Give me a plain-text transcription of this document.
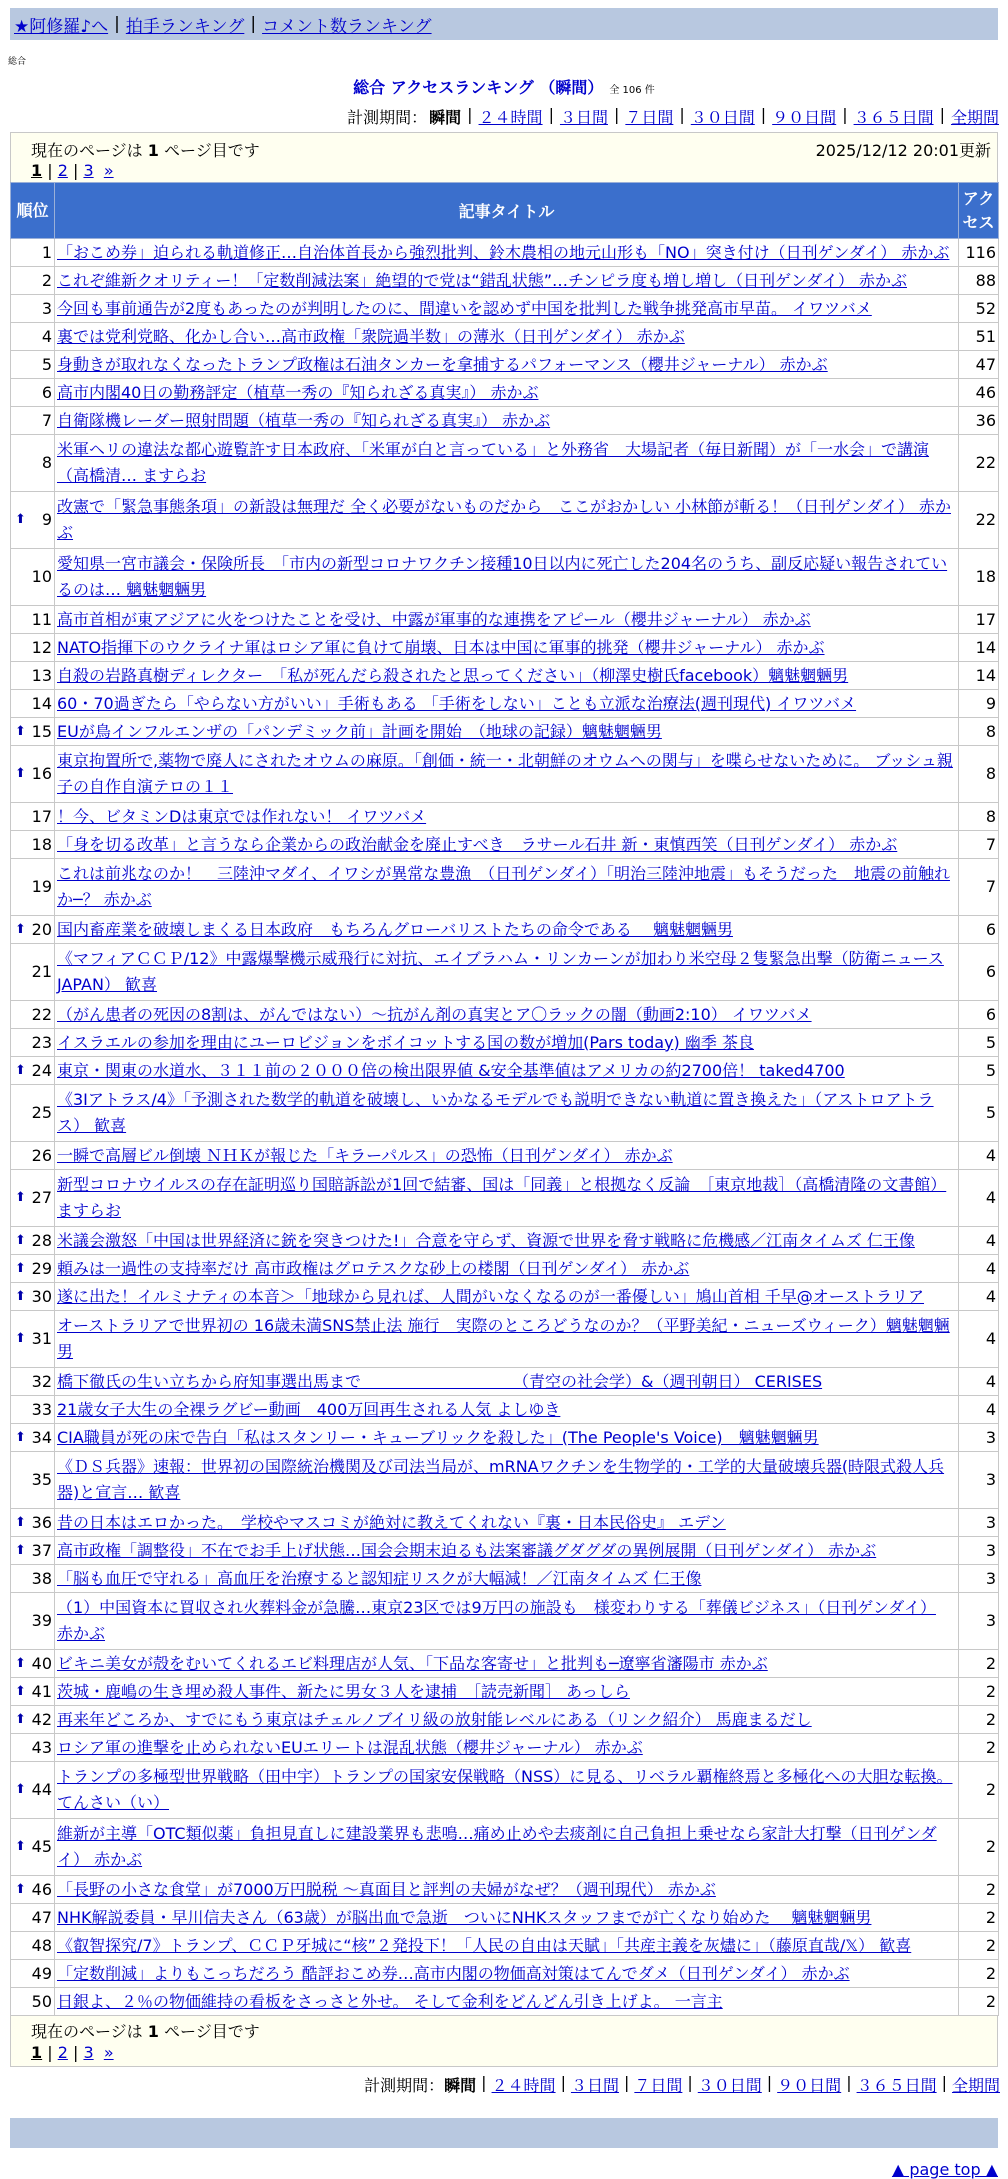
★阿修羅♪へ | 拍手ランキング | コメント数ランキング
総合
総合 アクセスランキング （瞬間） 全 106 件
計測期間： 瞬間 | ２４時間 | ３日間 | ７日間 | ３０日間 | ９０日間 | ３６５日間 | 全期間
現在のページは 1 ページ目です	2025/12/12 20:01更新
1 | 2 | 3 »
順位	記事タイトル	アクセス
1	「おこめ券」迫られる軌道修正…自治体首長から強烈批判、鈴木農相の地元山形も「NO」突き付け（日刊ゲンダイ） 赤かぶ	116
2	これぞ維新クオリティー！「定数削減法案」絶望的で党は“錯乱状態”…チンピラ度も増し増し（日刊ゲンダイ） 赤かぶ	88
3	今回も事前通告が2度もあったのが判明したのに、間違いを認めず中国を批判した戦争挑発高市早苗。 イワツバメ	52
4	裏では党利党略、化かし合い…高市政権「衆院過半数」の薄氷（日刊ゲンダイ） 赤かぶ	51
5	身動きが取れなくなったトランプ政権は石油タンカーを拿捕するパフォーマンス（櫻井ジャーナル） 赤かぶ	47
6	高市内閣40日の勤務評定（植草一秀の『知られざる真実』） 赤かぶ	46
7	自衛隊機レーダー照射問題（植草一秀の『知られざる真実』） 赤かぶ	36
8	米軍ヘリの違法な都心遊覧許す日本政府、「米軍が白と言っている」と外務省　大場記者（毎日新聞）が「一水会」で講演（高橋清… ますらお	22

⬆ 9	改憲で「緊急事態条項」の新設は無理だ 全く必要がないものだから　ここがおかしい 小林節が斬る！（日刊ゲンダイ） 赤かぶ	22
10	愛知県一宮市議会・保険所長　「市内の新型コロナワクチン接種10日以内に死亡した204名のうち、副反応疑い報告されているのは… 魑魅魍魎男	18
11	高市首相が東アジアに火をつけたことを受け、中露が軍事的な連携をアピール（櫻井ジャーナル） 赤かぶ	17
12	NATO指揮下のウクライナ軍はロシア軍に負けて崩壊、日本は中国に軍事的挑発（櫻井ジャーナル） 赤かぶ	14
13	自殺の岩路真樹ディレクター　「私が死んだら殺されたと思ってください」（柳澤史樹氏facebook）魑魅魍魎男	14
14	60・70過ぎたら「やらない方がいい」手術もある 「手術をしない」ことも立派な治療法(週刊現代) イワツバメ	9

⬆ 15	EUが鳥インフルエンザの「パンデミック前」計画を開始　（地球の記録）魑魅魍魎男	8

⬆ 16	東京拘置所で,薬物で廃人にされたオウムの麻原。「創価・統一・北朝鮮のオウムへの関与」を喋らせないために。 ブッシュ親子の自作自演テロの１１	8
17	！今、ビタミンDは東京では作れない！ イワツバメ	8
18	「身を切る改革」と言うなら企業からの政治献金を廃止すべき　ラサール石井 新・東慎西笑（日刊ゲンダイ） 赤かぶ	7
19	これは前兆なのか！　三陸沖マダイ、イワシが異常な豊漁　（日刊ゲンダイ）「明治三陸沖地震」もそうだった　地震の前触れか─？ 赤かぶ	7

⬆ 20	国内畜産業を破壊しまくる日本政府　もちろんグローバリストたちの命令である　 魑魅魍魎男	6
21	《マフィアＣＣＰ/12》中露爆撃機示威飛行に対抗、エイブラハム・リンカーンが加わり米空母２隻緊急出撃（防衛ニュースJAPAN） 歓喜	6
22	（がん患者の死因の8割は、がんではない）～抗がん剤の真実とア〇ラックの闇（動画2:10） イワツバメ	6
23	イスラエルの参加を理由にユーロビジョンをボイコットする国の数が増加(Pars today) 幽季 茶良	5

⬆ 24	東京・関東の水道水、３１１前の２０００倍の検出限界値 &安全基準値はアメリカの約2700倍！ taked4700	5
25	《3Iアトラス/4》「予測された数学的軌道を破壊し、いかなるモデルでも説明できない軌道に置き換えた」（アストロアトラス） 歓喜	5
26	一瞬で高層ビル倒壊 ＮＨＫが報じた「キラーパルス」の恐怖（日刊ゲンダイ） 赤かぶ	4

⬆ 27	新型コロナウイルスの存在証明巡り国賠訴訟が1回で結審、国は「同義」と根拠なく反論　［東京地裁］（高橋清隆の文書館） ますらお	4

⬆ 28	米議会激怒「中国は世界経済に銃を突きつけた!」合意を守らず、資源で世界を脅す戦略に危機感／江南タイムズ 仁王像	4

⬆ 29	頼みは一過性の支持率だけ 高市政権はグロテスクな砂上の楼閣（日刊ゲンダイ） 赤かぶ	4

⬆ 30	遂に出た！イルミナティの本音＞「地球から見れば、人間がいなくなるのが一番優しい」鳩山首相 千早@オーストラリア	4

⬆ 31	オーストラリアで世界初の 16歳未満SNS禁止法 施行　実際のところどうなのか？（平野美紀・ニューズウィーク）魑魅魍魎男	4
32	橋下徹氏の生い立ちから府知事選出馬まで　　　　　　　　　　（青空の社会学）&（週刊朝日） CERISES	4
33	21歳女子大生の全裸ラグビー動画　400万回再生される人気 よしゆき	4

⬆ 34	CIA職員が死の床で告白「私はスタンリー・キューブリックを殺した」(The People's Voice)　魑魅魍魎男	3
35	《ＤＳ兵器》速報：世界初の国際統治機関及び司法当局が、mRNAワクチンを生物学的・工学的大量破壊兵器(時限式殺人兵器)と宣言… 歓喜	3

⬆ 36	昔の日本はエロかった。　学校やマスコミが絶対に教えてくれない『裏・日本民俗史』 エデン	3

⬆ 37	高市政権「調整役」不在でお手上げ状態…国会会期末迫るも法案審議グダグダの異例展開（日刊ゲンダイ） 赤かぶ	3
38	「脳も血圧で守れる」高血圧を治療すると認知症リスクが大幅減！／江南タイムズ 仁王像	3
39	（1）中国資本に買収され火葬料金が急騰…東京23区では9万円の施設も　様変わりする「葬儀ビジネス」（日刊ゲンダイ） 赤かぶ	3

⬆ 40	ビキニ美女が殻をむいてくれるエビ料理店が人気、「下品な客寄せ」と批判も─遼寧省瀋陽市 赤かぶ	2

⬆ 41	茨城・鹿嶋の生き埋め殺人事件、新たに男女３人を逮捕　［読売新聞］ あっしら	2

⬆ 42	再来年どころか、すでにもう東京はチェルノブイリ級の放射能レベルにある（リンク紹介） 馬鹿まるだし	2
43	ロシア軍の進撃を止められないEUエリートは混乱状態（櫻井ジャーナル） 赤かぶ	2

⬆ 44	トランプの多極型世界戦略（田中宇）トランプの国家安保戦略（NSS）に見る、リベラル覇権終焉と多極化への大胆な転換。 てんさい（い）	2

⬆ 45	維新が主導「OTC類似薬」負担見直しに建設業界も悲鳴…痛め止めや去痰剤に自己負担上乗せなら家計大打撃（日刊ゲンダイ） 赤かぶ	2

⬆ 46	「長野の小さな食堂」が7000万円脱税 ～真面目と評判の夫婦がなぜ？（週刊現代） 赤かぶ	2
47	NHK解説委員・早川信夫さん（63歳）が脳出血で急逝　ついにNHKスタッフまでが亡くなり始めた　 魑魅魍魎男	2
48	《叡智探究/7》トランプ、ＣＣＰ牙城に“核”２発投下！「人民の自由は天賦」「共産主義を灰燼に」（藤原直哉/𝕏） 歓喜	2
49	「定数削減」よりもこっちだろう 酷評おこめ券…高市内閣の物価高対策はてんでダメ（日刊ゲンダイ） 赤かぶ	2
50	日銀よ、２％の物価維持の看板をさっさと外せ。 そして金利をどんどん引き上げよ。 一言主	2
現在のページは 1 ページ目です
1 | 2 | 3 »
計測期間： 瞬間 | ２４時間 | ３日間 | ７日間 | ３０日間 | ９０日間 | ３６５日間 | 全期間
▲ page top ▲
